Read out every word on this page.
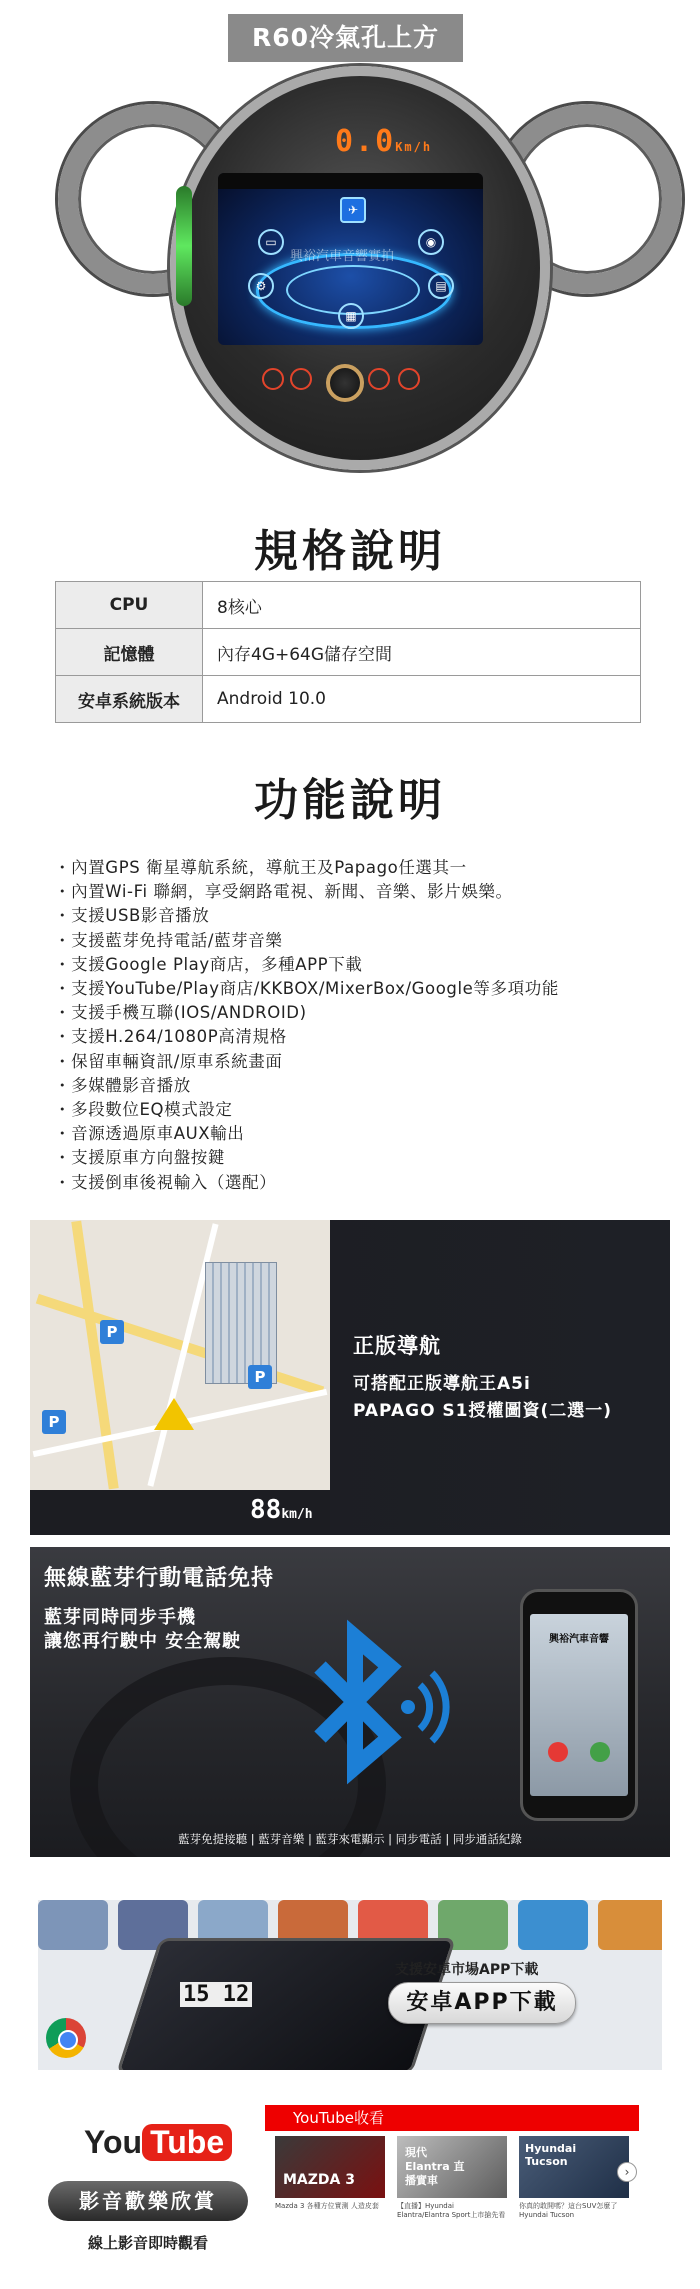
0.0Km/h
✈
▭	◉
⚙	▤
▦
興裕汽車音響實拍
R60冷氣孔上方
規格說明
CPU	8核心
記憶體	內存4G+64G儲存空間
安卓系統版本	Android 10.0
功能說明
・ 內置GPS 衛星導航系統，導航王及Papago任選其一
・ 內置Wi-Fi 聯網，享受網路電視、新聞、音樂、影片娛樂。
・ 支援USB影音播放
・ 支援藍芽免持電話/藍芽音樂
・ 支援Google Play商店，多種APP下載
・ 支援YouTube/Play商店/KKBOX/MixerBox/Google等多項功能
・ 支援手機互聯(IOS/ANDROID)
・ 支援H.264/1080P高清規格
・ 保留車輛資訊/原車系統畫面
・ 多媒體影音播放
・ 多段數位EQ模式設定
・ 音源透過原車AUX輸出
・ 支援原車方向盤按鍵
・ 支援倒車後視輸入（選配）
P
P
P
88km/h
正版導航
可搭配正版導航王A5i
PAPAGO S1授權圖資(二選一)
無線藍芽行動電話免持
藍芽同時同步手機
讓您再行駛中 安全駕駛	興裕汽車音響
藍芽免提接聽 | 藍芽音樂 | 藍芽來電顯示 | 同步電話 | 同步通話紀錄
15 12
支援安卓市場APP下載
安卓APP下載
You Tube
影音歡樂欣賞
線上影音即時觀看
YouTube收看
MAZDA 3
Mazda 3 各種方位實測 人造皮套
現代 Elantra 直播實車
【直播】Hyundai Elantra/Elantra Sport上市搶先看
Hyundai Tucson
你真的敢開嗎？這台SUV怎麼了 Hyundai Tucson
›
